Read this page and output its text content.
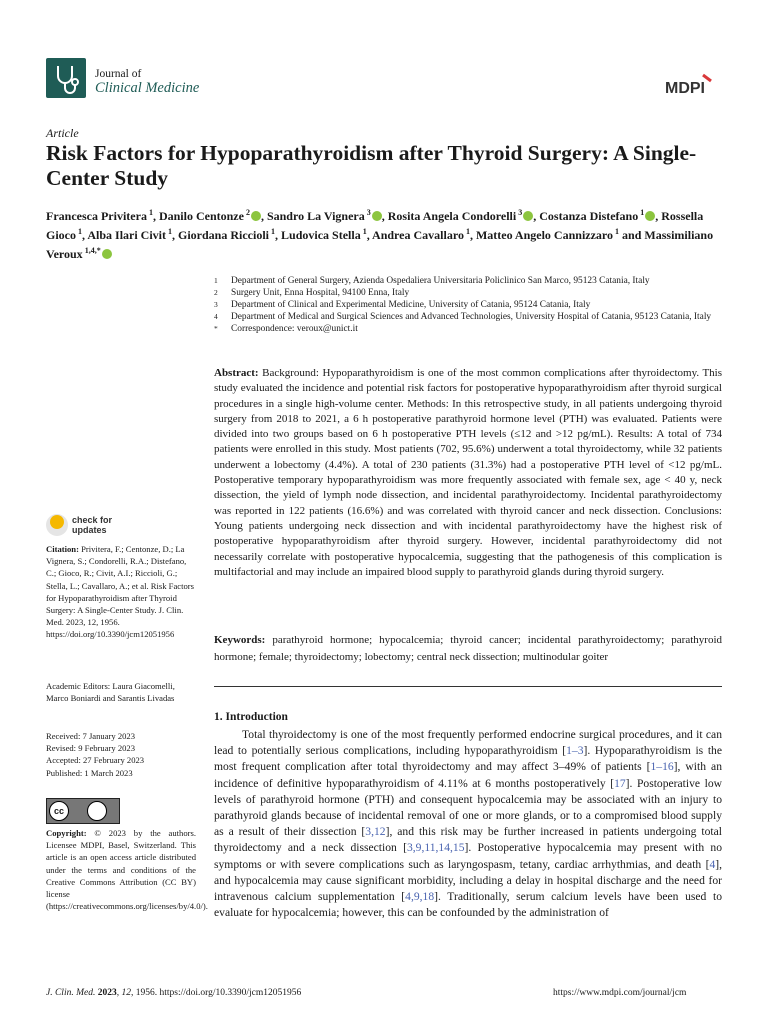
Journal of
Clinical Medicine	MDPI
Article
Risk Factors for Hypoparathyroidism after Thyroid Surgery: A Single-Center Study
Francesca Privitera $^1$, Danilo Centonze $^2$ , Sandro La Vignera $^3$ , Rosita Angela Condorelli $^3$ , Costanza Distefano $^1$ , Rossella Gioco $^1$, Alba Ilari Civit $^1$, Giordana Riccioli $^1$, Ludovica Stella $^1$, Andrea Cavallaro $^1$, Matteo Angelo Cannizzaro $^1$ and Massimiliano Veroux $^{1,4,*}$
1	Department of General Surgery, Azienda Ospedaliera Universitaria Policlinico San Marco, 95123 Catania, Italy
2	Surgery Unit, Enna Hospital, 94100 Enna, Italy
3	Department of Clinical and Experimental Medicine, University of Catania, 95124 Catania, Italy
4	Department of Medical and Surgical Sciences and Advanced Technologies, University Hospital of Catania, 95123 Catania, Italy
*	Correspondence: veroux@unict.it
Abstract: Background: Hypoparathyroidism is one of the most common complications after thyroidectomy. This study evaluated the incidence and potential risk factors for postoperative hypoparathyroidism after thyroid surgical procedures in a single high-volume center. Methods: In this retrospective study, in all patients undergoing thyroid surgery from 2018 to 2021, a 6 h postoperative parathyroid hormone level (PTH) was evaluated. Patients were divided into two groups based on 6 h postoperative PTH levels (≤12 and >12 pg/mL). Results: A total of 734 patients were enrolled in this study. Most patients (702, 95.6%) underwent a total thyroidectomy, while 32 patients underwent a lobectomy (4.4%). A total of 230 patients (31.3%) had a postoperative PTH level of <12 pg/mL. Postoperative temporary hypoparathyroidism was more frequently associated with female sex, age < 40 y, neck dissection, the yield of lymph node dissection, and incidental parathyroidectomy. Incidental parathyroidectomy was reported in 122 patients (16.6%) and was correlated with thyroid cancer and neck dissection. Conclusions: Young patients undergoing neck dissection and with incidental parathyroidectomy have the highest risk of postoperative hypoparathyroidism after thyroid surgery. However, incidental parathyroidectomy did not necessarily correlate with postoperative hypocalcemia, suggesting that the pathogenesis of this complication is multifactorial and may include an impaired blood supply to parathyroid glands during thyroid surgery.
Keywords: parathyroid hormone; hypocalcemia; thyroid cancer; incidental parathyroidectomy; parathyroid hormone; female; thyroidectomy; lobectomy; central neck dissection; multinodular goiter
check for
updates
Citation: Privitera, F.; Centonze, D.; La Vignera, S.; Condorelli, R.A.; Distefano, C.; Gioco, R.; Civit, A.I.; Riccioli, G.; Stella, L.; Cavallaro, A.; et al. Risk Factors for Hypoparathyroidism after Thyroid Surgery: A Single-Center Study. J. Clin. Med. 2023, 12, 1956. https://doi.org/10.3390/jcm12051956
Academic Editors: Laura Giacomelli, Marco Boniardi and Sarantis Livadas
Received: 7 January 2023
Revised: 9 February 2023
Accepted: 27 February 2023
Published: 1 March 2023
cc
BY
Copyright: © 2023 by the authors. Licensee MDPI, Basel, Switzerland. This article is an open access article distributed under the terms and conditions of the Creative Commons Attribution (CC BY) license (https://creativecommons.org/licenses/by/4.0/).
1. Introduction
Total thyroidectomy is one of the most frequently performed endocrine surgical procedures, and it can lead to potentially serious complications, including hypoparathyroidism [1–3]. Hypoparathyroidism is the most frequent complication after total thyroidectomy and may affect 3–49% of patients [1–16], with an incidence of definitive hypoparathyroidism of 4.11% at 6 months postoperatively [17]. Postoperative low levels of parathyroid hormone (PTH) and consequent hypocalcemia may be associated with an injury to parathyroid glands because of incidental removal of one or more glands, or to a compromised blood supply as a result of their dissection [3,12], and this risk may be further increased in patients undergoing total thyroidectomy and a neck dissection [3,9,11,14,15]. Postoperative hypocalcemia may present with no symptoms or with severe complications such as laryngospasm, tetany, cardiac arrhythmias, and death [4], and hypocalcemia may cause significant morbidity, including a delay in hospital discharge and the need for intravenous calcium supplementation [4,9,18]. Traditionally, serum calcium levels have been used to evaluate for hypocalcemia; however, this can be confounded by the administration of
J. Clin. Med. 2023, 12, 1956. https://doi.org/10.3390/jcm12051956	https://www.mdpi.com/journal/jcm
